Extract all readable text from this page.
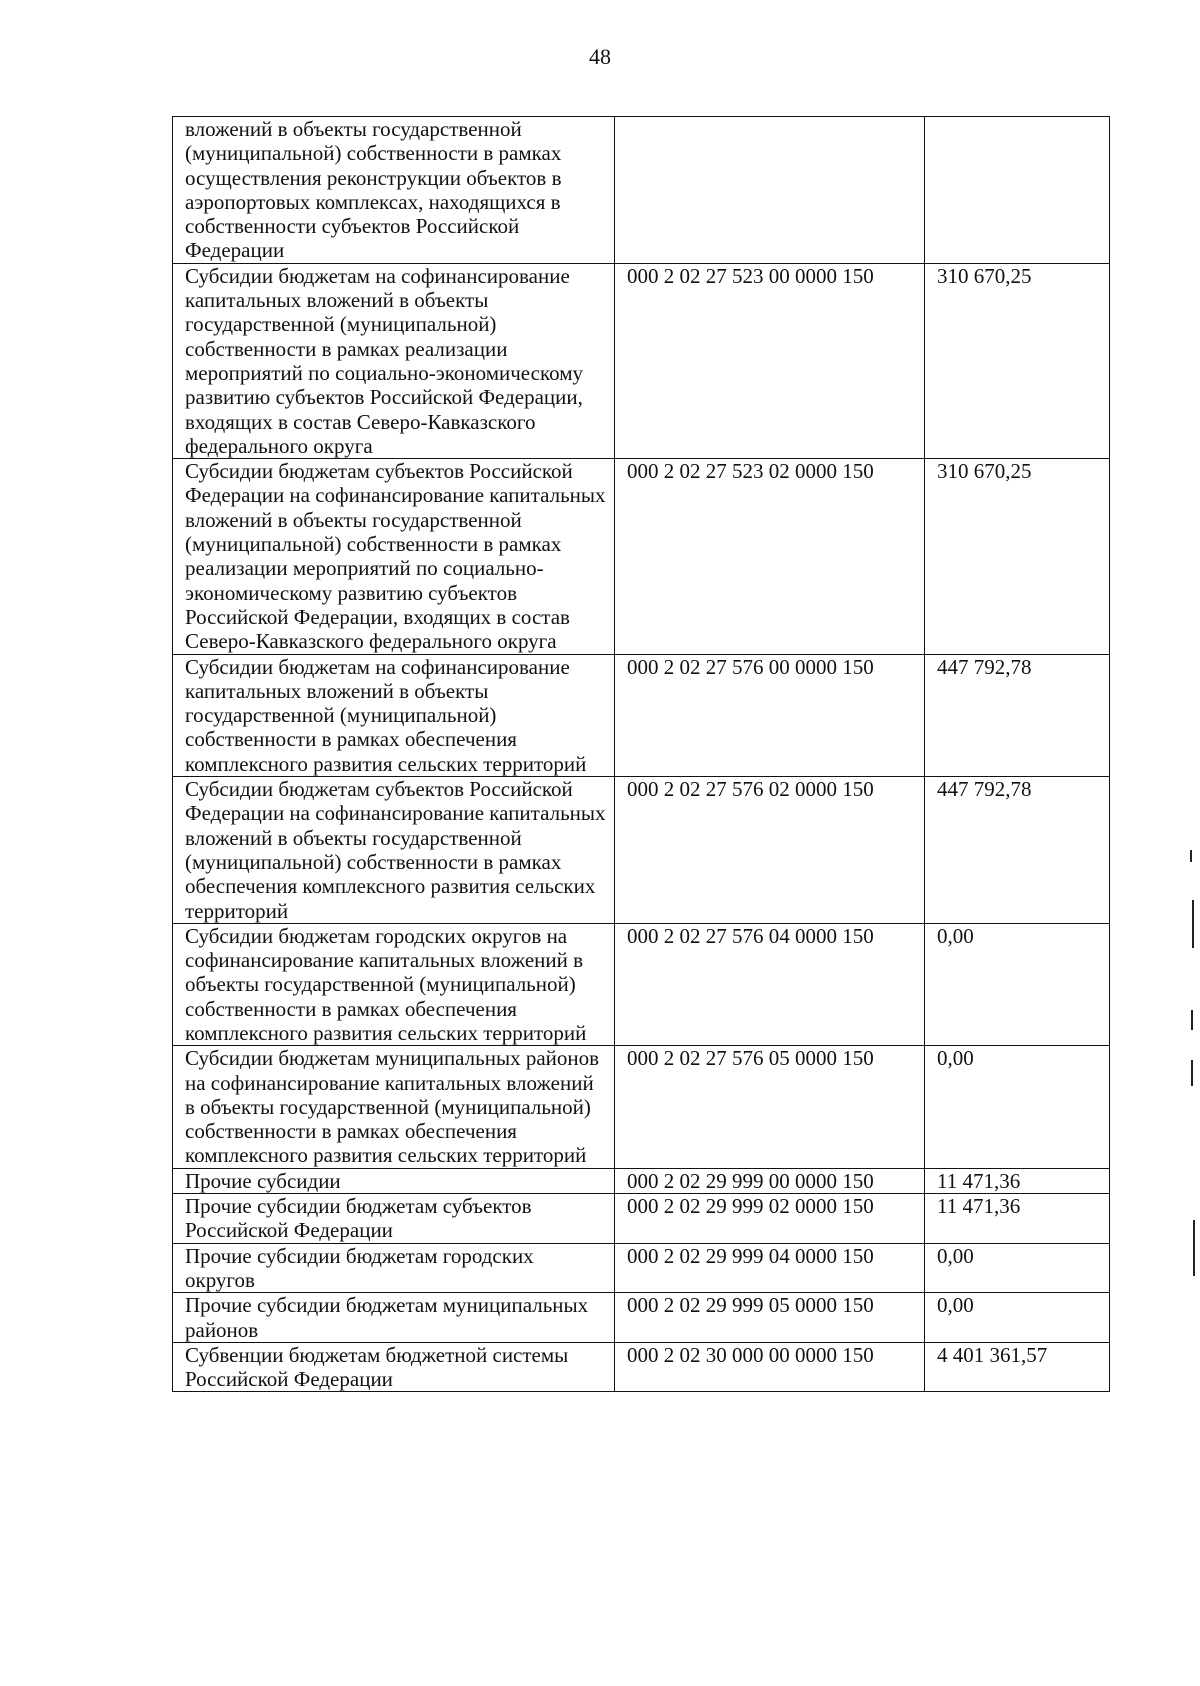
48
вложений в объекты государственной (муниципальной) собственности в рамках осуществления реконструкции объектов в аэропортовых комплексах, находящихся в собственности субъектов Российской Федерации		
Субсидии бюджетам на софинансирование капитальных вложений в объекты государственной (муниципальной) собственности в рамках реализации мероприятий по социально-экономическому развитию субъектов Российской Федерации, входящих в состав Северо-Кавказского федерального округа	000 2 02 27 523 00 0000 150	310 670,25
Субсидии бюджетам субъектов Российской Федерации на софинансирование капитальных вложений в объекты государственной (муниципальной) собственности в рамках реализации мероприятий по социально-экономическому развитию субъектов Российской Федерации, входящих в состав Северо-Кавказского федерального округа	000 2 02 27 523 02 0000 150	310 670,25
Субсидии бюджетам на софинансирование капитальных вложений в объекты государственной (муниципальной) собственности в рамках обеспечения комплексного развития сельских территорий	000 2 02 27 576 00 0000 150	447 792,78
Субсидии бюджетам субъектов Российской Федерации на софинансирование капитальных вложений в объекты государственной (муниципальной) собственности в рамках обеспечения комплексного развития сельских территорий	000 2 02 27 576 02 0000 150	447 792,78
Субсидии бюджетам городских округов на софинансирование капитальных вложений в объекты государственной (муниципальной) собственности в рамках обеспечения комплексного развития сельских территорий	000 2 02 27 576 04 0000 150	0,00
Субсидии бюджетам муниципальных районов на софинансирование капитальных вложений в объекты государственной (муниципальной) собственности в рамках обеспечения комплексного развития сельских территорий	000 2 02 27 576 05 0000 150	0,00
Прочие субсидии	000 2 02 29 999 00 0000 150	11 471,36
Прочие субсидии бюджетам субъектов Российской Федерации	000 2 02 29 999 02 0000 150	11 471,36
Прочие субсидии бюджетам городских округов	000 2 02 29 999 04 0000 150	0,00
Прочие субсидии бюджетам муниципальных районов	000 2 02 29 999 05 0000 150	0,00
Субвенции бюджетам бюджетной системы Российской Федерации	000 2 02 30 000 00 0000 150	4 401 361,57
